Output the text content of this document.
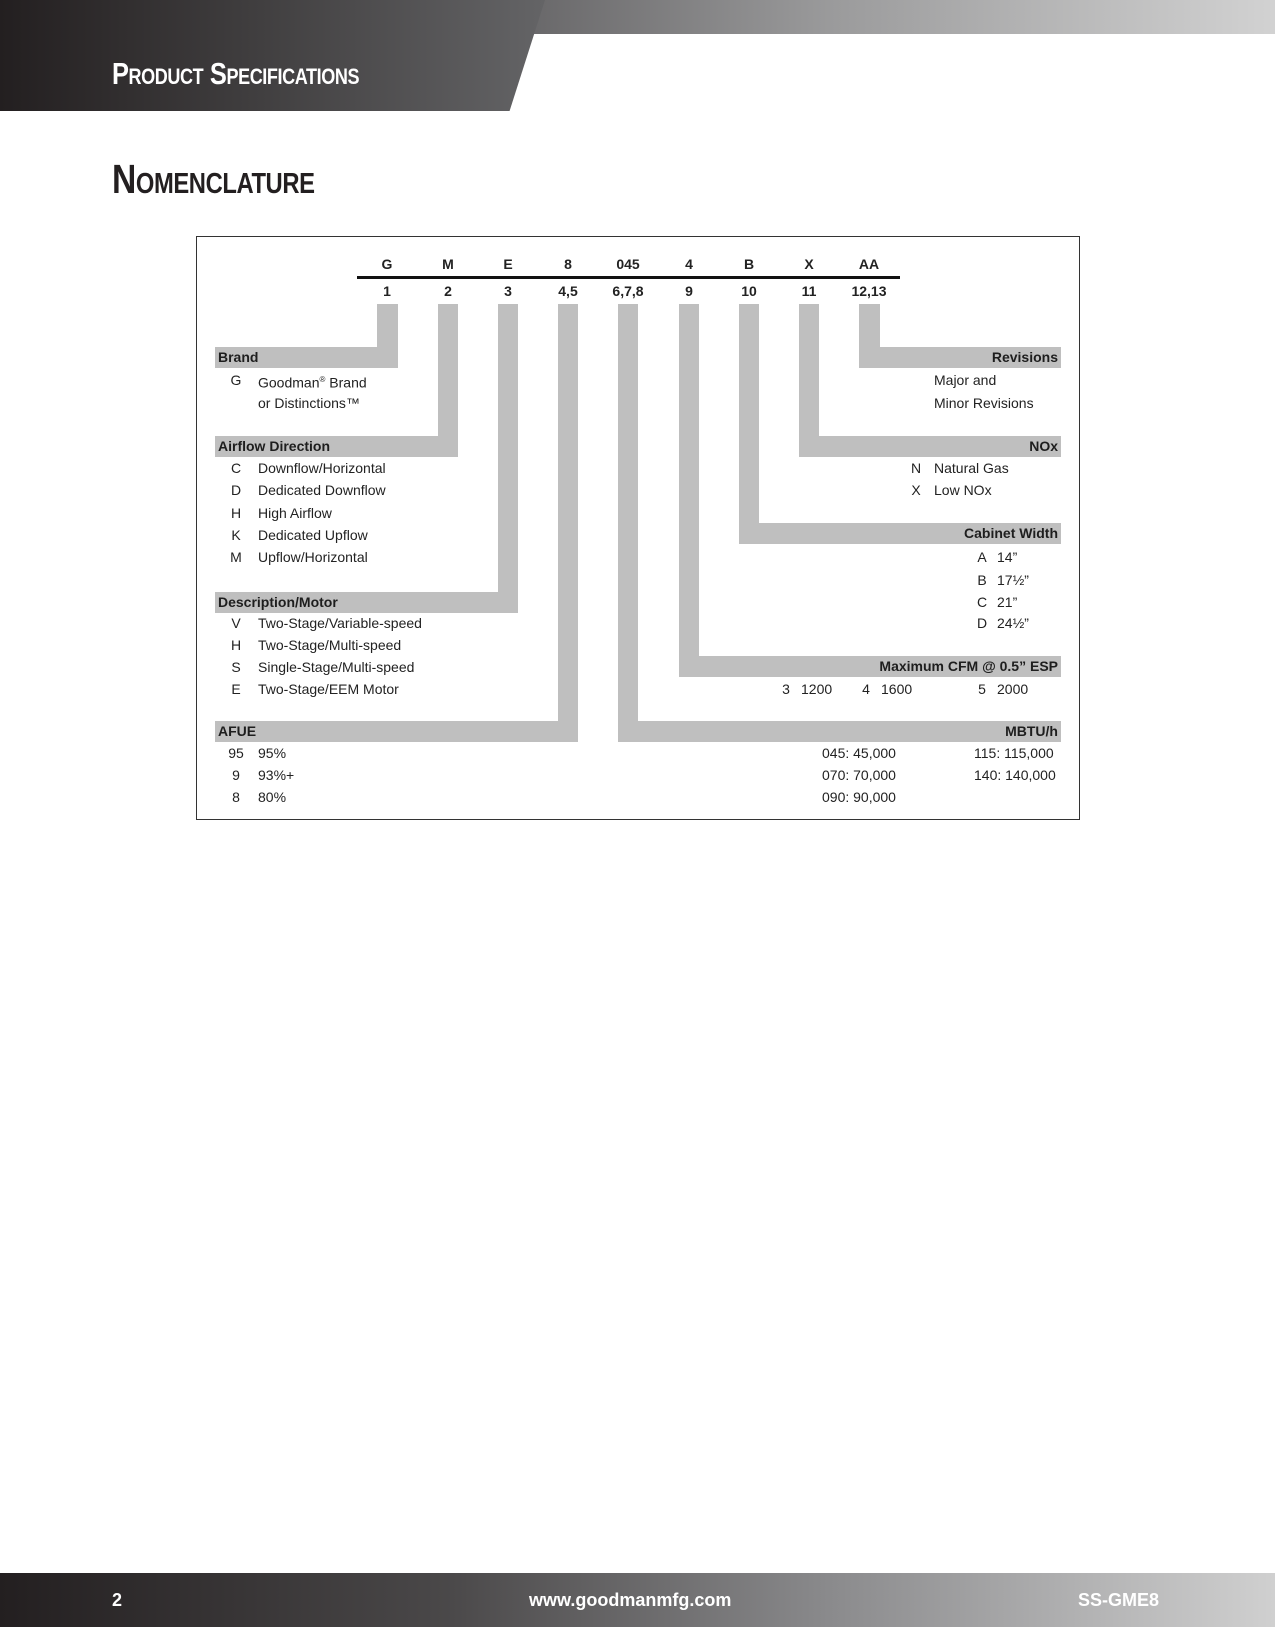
Product Specifications
Nomenclature
G	M	E	8	045	4	B	X	AA
1	2	3	4,5	6,7,8	9	10	11	12,13
Brand
Airflow Direction
Description/Motor
AFUE
Revisions
NOx
Cabinet Width
Maximum CFM @ 0.5” ESP
MBTU/h
G	Goodman® Brand
or Distinctions™
C	Downflow/Horizontal
D	Dedicated Downflow
H	High Airflow
K	Dedicated Upflow
M	Upflow/Horizontal
V	Two-Stage/Variable-speed
H	Two-Stage/Multi-speed
S	Single-Stage/Multi-speed
E	Two-Stage/EEM Motor
95	95%
9	93%+
8	80%
Major and
Minor Revisions
N Natural Gas
X Low NOx
A 14”
B 17½”
C 21”
D 24½”
3 1200	4 1600	5 2000
045: 45,000
070: 70,000
090: 90,000
115: 115,000
140: 140,000
2	www.goodmanmfg.com	SS-GME8
